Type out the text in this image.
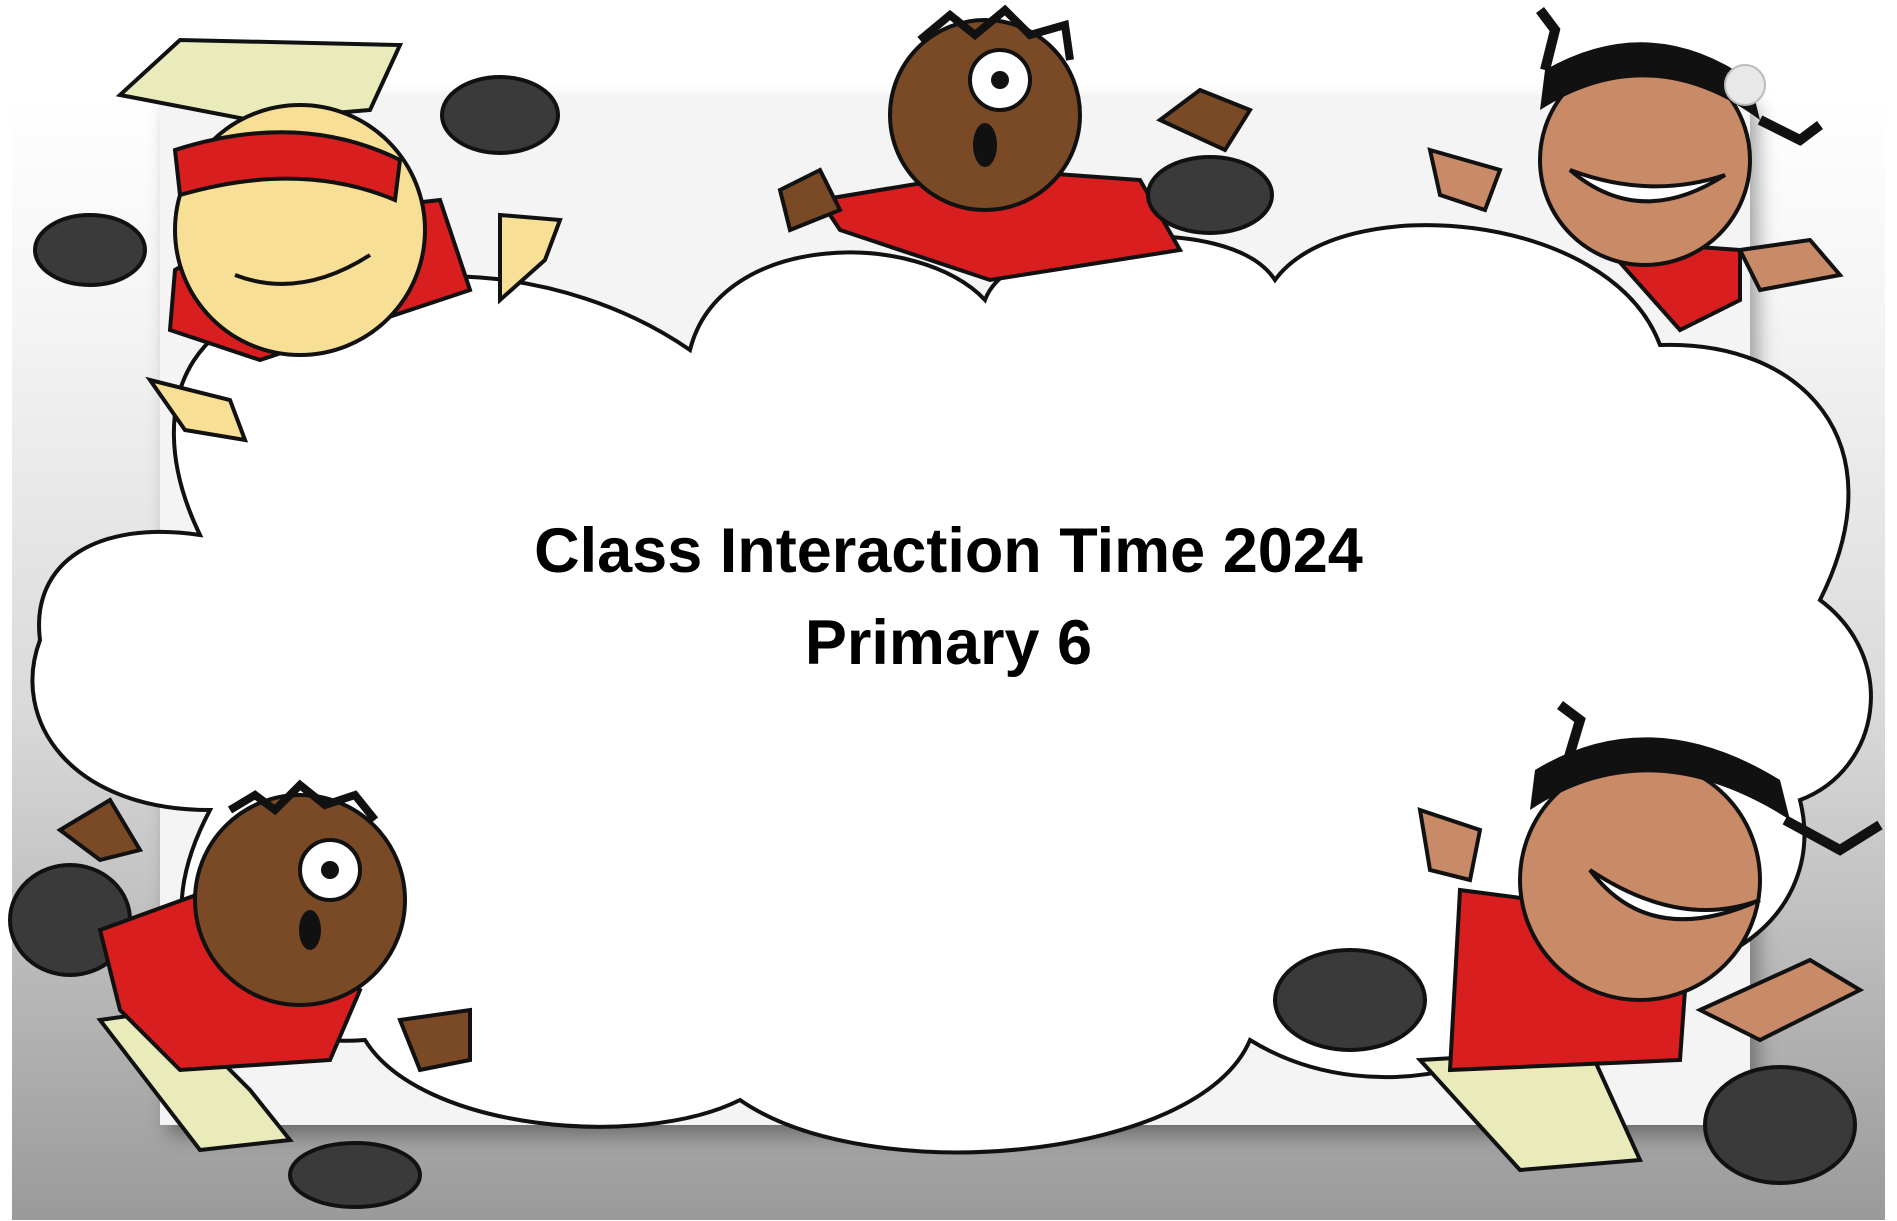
Class Interaction Time 2024
Primary 6
